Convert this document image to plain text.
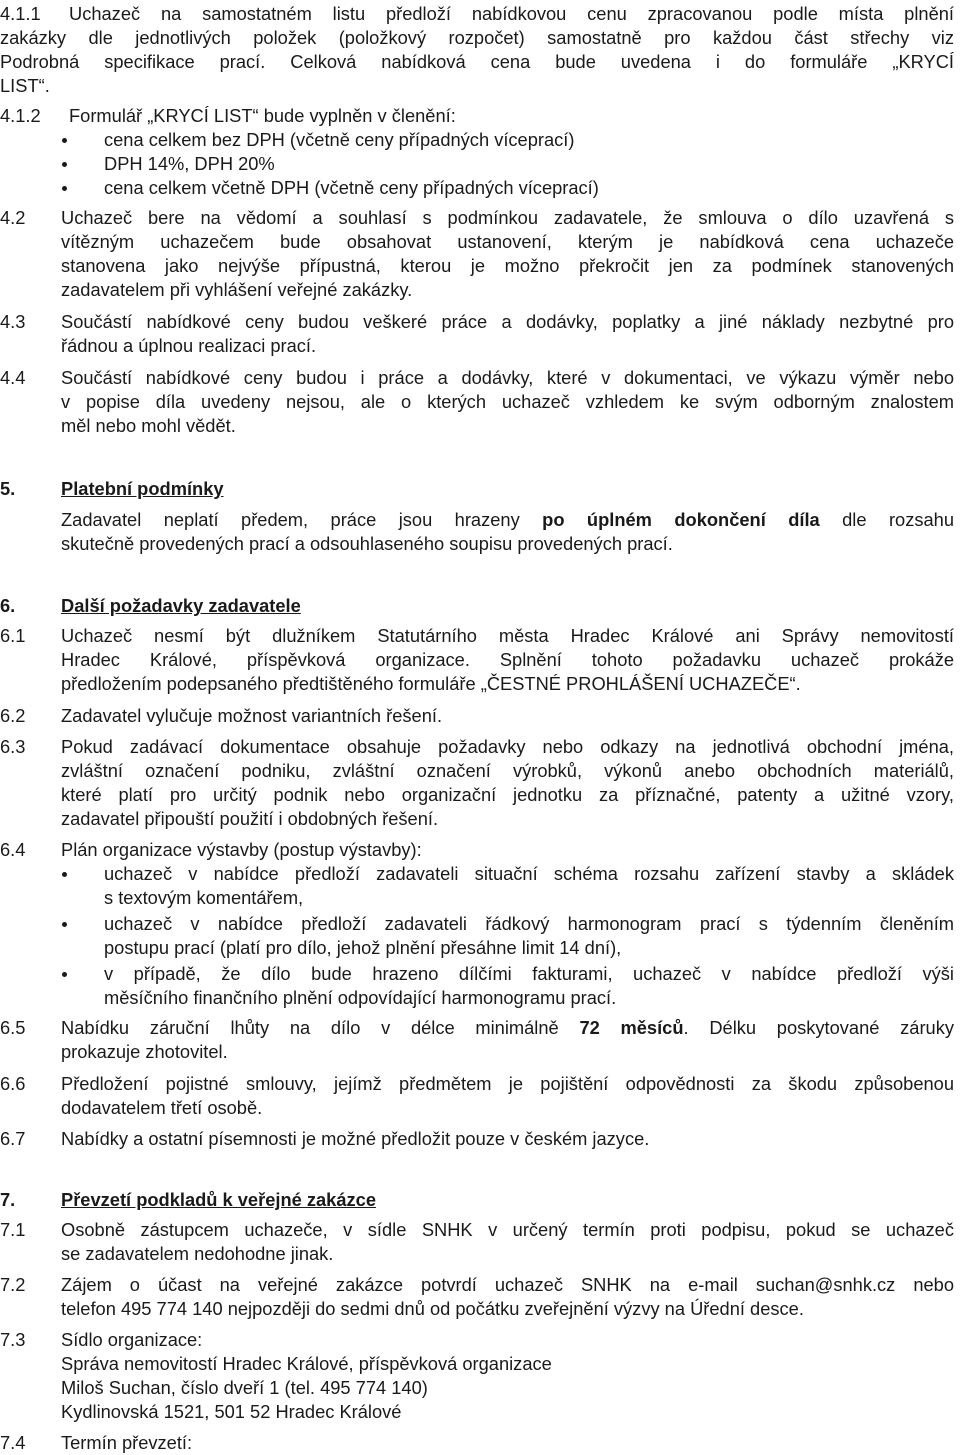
4.1.1 Uchazeč na samostatném listu předloží nabídkovou cenu zpracovanou podle místa plnění
zakázky dle jednotlivých položek (položkový rozpočet) samostatně pro každou část střechy viz
Podrobná specifikace prací. Celková nabídková cena bude uvedena i do formuláře „KRYCÍ
LIST“.
4.1.2 Formulář „KRYCÍ LIST“ bude vyplněn v členění:
cena celkem bez DPH (včetně ceny případných víceprací)
DPH 14%, DPH 20%
cena celkem včetně DPH (včetně ceny případných víceprací)
4.2 Uchazeč bere na vědomí a souhlasí s podmínkou zadavatele, že smlouva o dílo uzavřená s
vítězným uchazečem bude obsahovat ustanovení, kterým je nabídková cena uchazeče
stanovena jako nejvýše přípustná, kterou je možno překročit jen za podmínek stanovených
zadavatelem při vyhlášení veřejné zakázky.
4.3 Součástí nabídkové ceny budou veškeré práce a dodávky, poplatky a jiné náklady nezbytné pro
řádnou a úplnou realizaci prací.
4.4 Součástí nabídkové ceny budou i práce a dodávky, které v dokumentaci, ve výkazu výměr nebo
v popise díla uvedeny nejsou, ale o kterých uchazeč vzhledem ke svým odborným znalostem
měl nebo mohl vědět.
5.	Platební podmínky
Zadavatel neplatí předem, práce jsou hrazeny po úplném dokončení díla dle rozsahu
skutečně provedených prací a odsouhlaseného soupisu provedených prací.
6.	Další požadavky zadavatele
6.1 Uchazeč nesmí být dlužníkem Statutárního města Hradec Králové ani Správy nemovitostí
Hradec Králové, příspěvková organizace. Splnění tohoto požadavku uchazeč prokáže
předložením podepsaného předtištěného formuláře „ČESTNÉ PROHLÁŠENÍ UCHAZEČE“.
6.2 Zadavatel vylučuje možnost variantních řešení.
6.3 Pokud zadávací dokumentace obsahuje požadavky nebo odkazy na jednotlivá obchodní jména,
zvláštní označení podniku, zvláštní označení výrobků, výkonů anebo obchodních materiálů,
které platí pro určitý podnik nebo organizační jednotku za příznačné, patenty a užitné vzory,
zadavatel připouští použití i obdobných řešení.
6.4 Plán organizace výstavby (postup výstavby):
uchazeč v nabídce předloží zadavateli situační schéma rozsahu zařízení stavby a skládek
s textovým komentářem,
uchazeč v nabídce předloží zadavateli řádkový harmonogram prací s týdenním členěním
postupu prací (platí pro dílo, jehož plnění přesáhne limit 14 dní),
v případě, že dílo bude hrazeno dílčími fakturami, uchazeč v nabídce předloží výši
měsíčního finančního plnění odpovídající harmonogramu prací.
6.5 Nabídku záruční lhůty na dílo v délce minimálně 72 měsíců. Délku poskytované záruky
prokazuje zhotovitel.
6.6 Předložení pojistné smlouvy, jejímž předmětem je pojištění odpovědnosti za škodu způsobenou
dodavatelem třetí osobě.
6.7 Nabídky a ostatní písemnosti je možné předložit pouze v českém jazyce.
7.	Převzetí podkladů k veřejné zakázce
7.1 Osobně zástupcem uchazeče, v sídle SNHK v určený termín proti podpisu, pokud se uchazeč
se zadavatelem nedohodne jinak.
7.2 Zájem o účast na veřejné zakázce potvrdí uchazeč SNHK na e-mail suchan@snhk.cz nebo
telefon 495 774 140 nejpozději do sedmi dnů od počátku zveřejnění výzvy na Úřední desce.
7.3 Sídlo organizace:
Správa nemovitostí Hradec Králové, příspěvková organizace
Miloš Suchan, číslo dveří 1 (tel. 495 774 140)
Kydlinovská 1521, 501 52 Hradec Králové
7.4 Termín převzetí:
